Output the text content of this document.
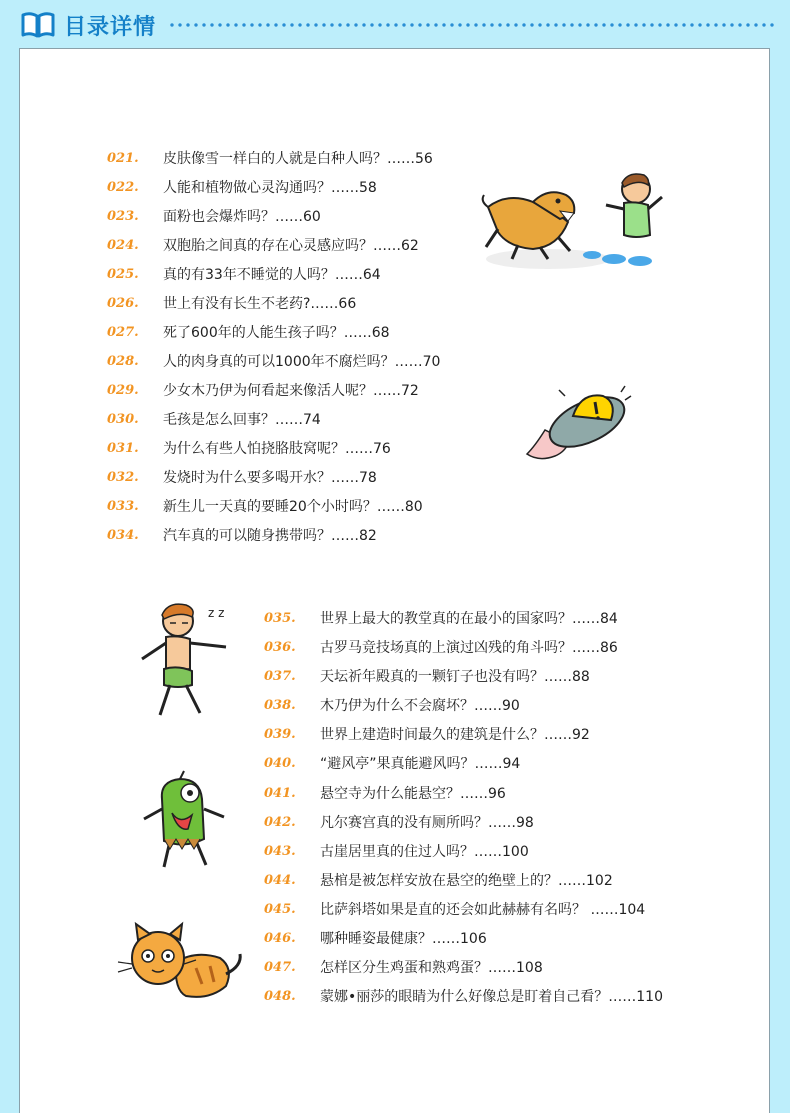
目录详情
021.	皮肤像雪一样白的人就是白种人吗？……56
022.	人能和植物做心灵沟通吗？……58
023.	面粉也会爆炸吗？……60
024.	双胞胎之间真的存在心灵感应吗？……62
025.	真的有33年不睡觉的人吗？……64
026.	世上有没有长生不老药?……66
027.	死了600年的人能生孩子吗？……68
028.	人的肉身真的可以1000年不腐烂吗？……70
029.	少女木乃伊为何看起来像活人呢？……72
030.	毛孩是怎么回事？……74
031.	为什么有些人怕挠胳肢窝呢？……76
032.	发烧时为什么要多喝开水？……78
033.	新生儿一天真的要睡20个小时吗？……80
034.	汽车真的可以随身携带吗？……82
035.	世界上最大的教堂真的在最小的国家吗？……84
036.	古罗马竞技场真的上演过凶残的角斗吗？……86
037.	天坛祈年殿真的一颗钉子也没有吗？……88
038.	木乃伊为什么不会腐坏？……90
039.	世界上建造时间最久的建筑是什么？……92
040.	“避风亭”果真能避风吗？……94
041.	悬空寺为什么能悬空？……96
042.	凡尔赛宫真的没有厕所吗？……98
043.	古崖居里真的住过人吗？……100
044.	悬棺是被怎样安放在悬空的绝壁上的？……102
045.	比萨斜塔如果是直的还会如此赫赫有名吗？ ……104
046.	哪种睡姿最健康？……106
047.	怎样区分生鸡蛋和熟鸡蛋？……108
048.	蒙娜•丽莎的眼睛为什么好像总是盯着自己看？……110
z z
